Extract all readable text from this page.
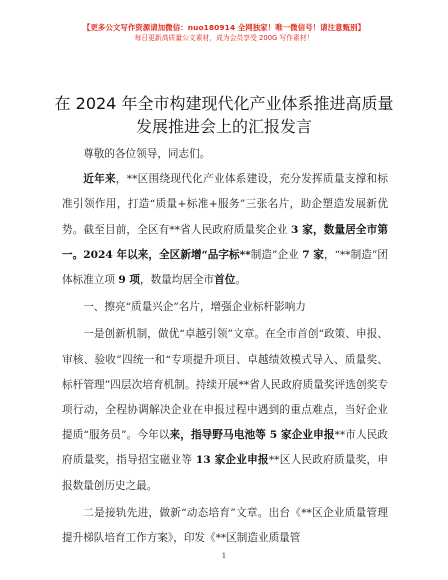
【更多公文写作资源请加微信：nuo180914 全网独家！唯一微信号！请注意甄别】
每日更新高质量公文素材，成为会员享受 200G 写作素材！
在 2024 年全市构建现代化产业体系推进高质量
发展推进会上的汇报发言

尊敬的各位领导，同志们。

近年来，**区围绕现代化产业体系建设，充分发挥质量支撑和标准引领作用，打造“质量+标准+服务”三张名片，助企塑造发展新优势。截至目前，全区有**省人民政府质量奖企业 3 家，数量居全市第一。2024 年以来，全区新增“品字标**制造”企业 7 家，“**制造”团体标准立项 9 项，数量均居全市首位。

一、擦亮“质量兴企”名片，增强企业标杆影响力

一是创新机制，做优“卓越引领”文章。在全市首创“政策、申报、审核、验收”四统一和“专项提升项目、卓越绩效模式导入、质量奖、标杆管理”四层次培育机制。持续开展**省人民政府质量奖评选创奖专项行动，全程协调解决企业在申报过程中遇到的重点难点，当好企业提质“服务员”。今年以来，指导野马电池等 5 家企业申报**市人民政府质量奖，指导招宝磁业等 13 家企业申报**区人民政府质量奖，申报数量创历史之最。

二是接轨先进，做新“动态培育”文章。出台《**区企业质量管理提升梯队培育工作方案》，印发《**区制造业质量管

1
